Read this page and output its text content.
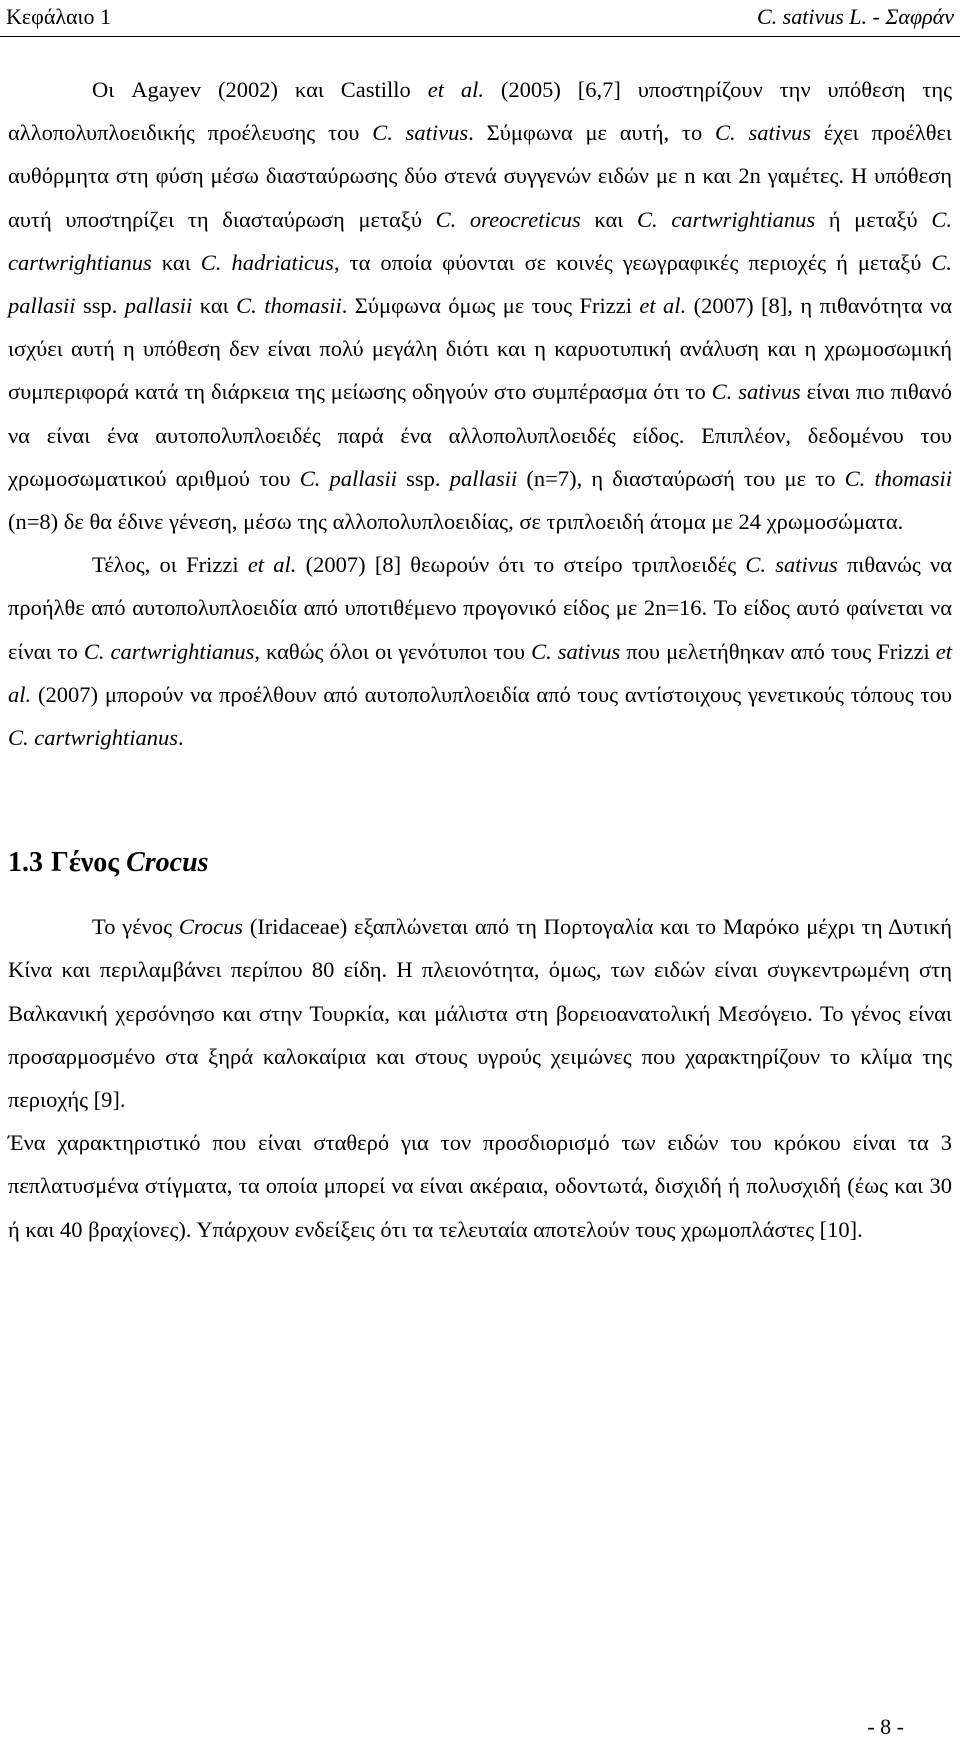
Κεφάλαιο 1	C. sativus L. - Σαφράν

Οι Agayev (2002) και Castillo et al. (2005) [6,7] υποστηρίζουν την υπόθεση της αλλοπολυπλοειδικής προέλευσης του C. sativus. Σύμφωνα με αυτή, το C. sativus έχει προέλθει αυθόρμητα στη φύση μέσω διασταύρωσης δύο στενά συγγενών ειδών με n και 2n γαμέτες. Η υπόθεση αυτή υποστηρίζει τη διασταύρωση μεταξύ C. oreocreticus και C. cartwrightianus ή μεταξύ C. cartwrightianus και C. hadriaticus, τα οποία φύονται σε κοινές γεωγραφικές περιοχές ή μεταξύ C. pallasii ssp. pallasii και C. thomasii. Σύμφωνα όμως με τους Frizzi et al. (2007) [8], η πιθανότητα να ισχύει αυτή η υπόθεση δεν είναι πολύ μεγάλη διότι και η καρυοτυπική ανάλυση και η χρωμοσωμική συμπεριφορά κατά τη διάρκεια της μείωσης οδηγούν στο συμπέρασμα ότι το C. sativus είναι πιο πιθανό να είναι ένα αυτοπολυπλοειδές παρά ένα αλλοπολυπλοειδές είδος. Επιπλέον, δεδομένου του χρωμοσωματικού αριθμού του C. pallasii ssp. pallasii (n=7), η διασταύρωσή του με το C. thomasii (n=8) δε θα έδινε γένεση, μέσω της αλλοπολυπλοειδίας, σε τριπλοειδή άτομα με 24 χρωμοσώματα.

Τέλος, οι Frizzi et al. (2007) [8] θεωρούν ότι το στείρο τριπλοειδές C. sativus πιθανώς να προήλθε από αυτοπολυπλοειδία από υποτιθέμενο προγονικό είδος με 2n=16. Το είδος αυτό φαίνεται να είναι το C. cartwrightianus, καθώς όλοι οι γενότυποι του C. sativus που μελετήθηκαν από τους Frizzi et al. (2007) μπορούν να προέλθουν από αυτοπολυπλοειδία από τους αντίστοιχους γενετικούς τόπους του C. cartwrightianus.

1.3 Γένος Crocus

Το γένος Crocus (Iridaceae) εξαπλώνεται από τη Πορτογαλία και το Μαρόκο μέχρι τη Δυτική Κίνα και περιλαμβάνει περίπου 80 είδη. Η πλειονότητα, όμως, των ειδών είναι συγκεντρωμένη στη Βαλκανική χερσόνησο και στην Τουρκία, και μάλιστα στη βορειοανατολική Μεσόγειο. Το γένος είναι προσαρμοσμένο στα ξηρά καλοκαίρια και στους υγρούς χειμώνες που χαρακτηρίζουν το κλίμα της περιοχής [9].

Ένα χαρακτηριστικό που είναι σταθερό για τον προσδιορισμό των ειδών του κρόκου είναι τα 3 πεπλατυσμένα στίγματα, τα οποία μπορεί να είναι ακέραια, οδοντωτά, δισχιδή ή πολυσχιδή (έως και 30 ή και 40 βραχίονες). Υπάρχουν ενδείξεις ότι τα τελευταία αποτελούν τους χρωμοπλάστες [10].

- 8 -
